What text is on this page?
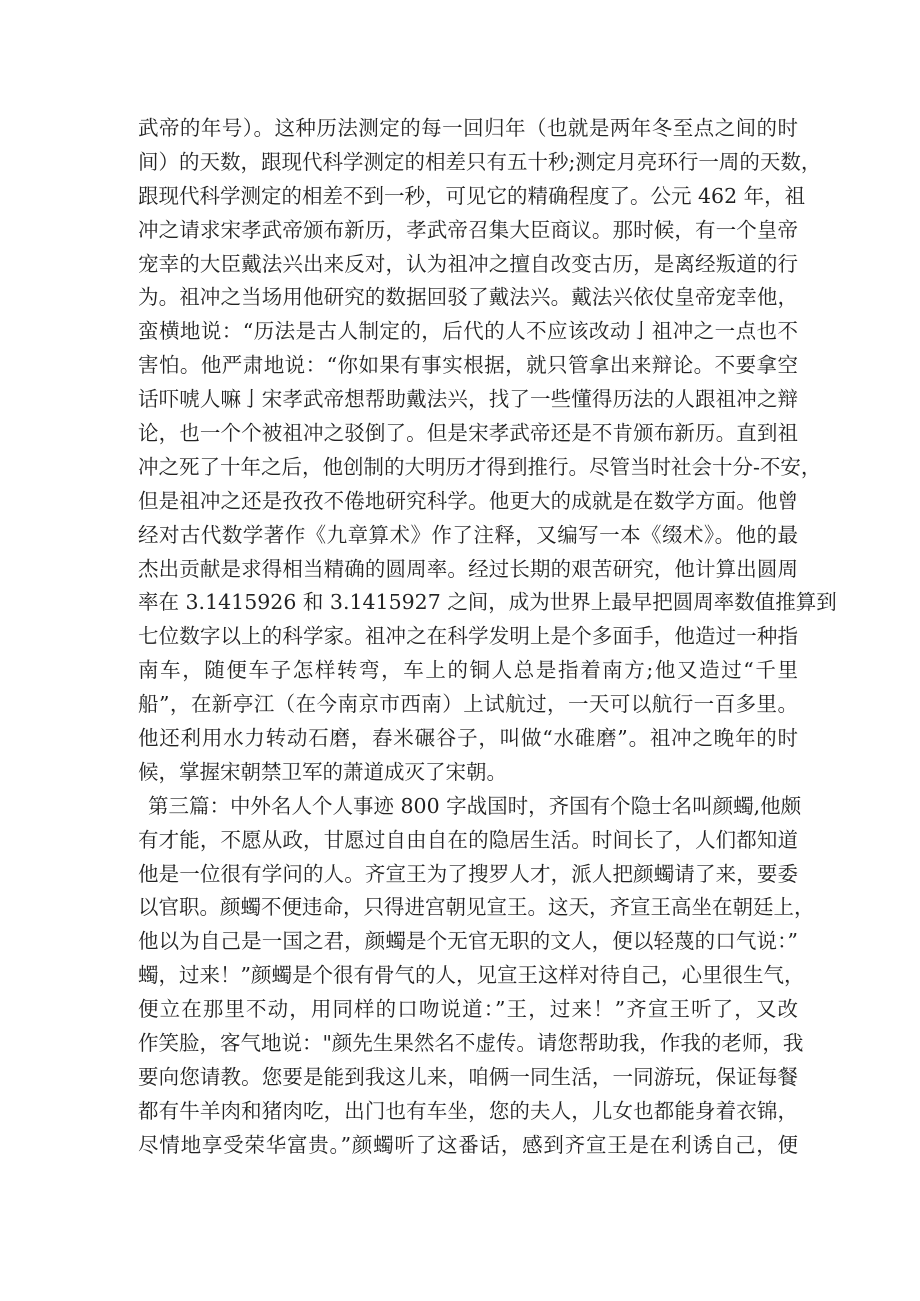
武帝的年号）。这种历法测定的每一回归年（也就是两年冬至点之间的时
间）的天数，跟现代科学测定的相差只有五十秒;测定月亮环行一周的天数，
跟现代科学测定的相差不到一秒，可见它的精确程度了。公元 462 年，祖
冲之请求宋孝武帝颁布新历，孝武帝召集大臣商议。那时候，有一个皇帝
宠幸的大臣戴法兴出来反对，认为祖冲之擅自改变古历，是离经叛道的行
为。祖冲之当场用他研究的数据回驳了戴法兴。戴法兴依仗皇帝宠幸他，
蛮横地说：“历法是古人制定的，后代的人不应该改动亅祖冲之一点也不
害怕。他严肃地说：“你如果有事实根据，就只管拿出来辩论。不要拿空
话吓唬人嘛亅宋孝武帝想帮助戴法兴，找了一些懂得历法的人跟祖冲之辩
论，也一个个被祖冲之驳倒了。但是宋孝武帝还是不肯颁布新历。直到祖
冲之死了十年之后，他创制的大明历才得到推行。尽管当时社会十分-不安，
但是祖冲之还是孜孜不倦地研究科学。他更大的成就是在数学方面。他曾
经对古代数学著作《九章算术》作了注释，又编写一本《缀术》。他的最
杰出贡献是求得相当精确的圆周率。经过长期的艰苦研究，他计算出圆周
率在 3.1415926 和 3.1415927 之间，成为世界上最早把圆周率数值推算到
七位数字以上的科学家。祖冲之在科学发明上是个多面手，他造过一种指
南车，随便车子怎样转弯，车上的铜人总是指着南方;他又造过“千里
船”，在新亭江（在今南京市西南）上试航过，一天可以航行一百多里。
他还利用水力转动石磨，舂米碾谷子，叫做“水碓磨”。祖冲之晚年的时
候，掌握宋朝禁卫军的萧道成灭了宋朝。
第三篇：中外名人个人事迹 800 字战国时，齐国有个隐士名叫颜蠋,他颇
有才能，不愿从政，甘愿过自由自在的隐居生活。时间长了，人们都知道
他是一位很有学问的人。齐宣王为了搜罗人才，派人把颜蠋请了来，要委
以官职。颜蠋不便违命，只得进宫朝见宣王。这天，齐宣王高坐在朝廷上，
他以为自己是一国之君，颜蠋是个无官无职的文人，便以轻蔑的口气说：”
蠋，过来！”颜蠋是个很有骨气的人，见宣王这样对待自己，心里很生气，
便立在那里不动，用同样的口吻说道：”王，过来！”齐宣王听了，又改
作笑脸，客气地说："颜先生果然名不虚传。请您帮助我，作我的老师，我
要向您请教。您要是能到我这儿来，咱俩一同生活，一同游玩，保证每餐
都有牛羊肉和猪肉吃，出门也有车坐，您的夫人，儿女也都能身着衣锦，
尽情地享受荣华富贵。”颜蠋听了这番话，感到齐宣王是在利诱自己，便
